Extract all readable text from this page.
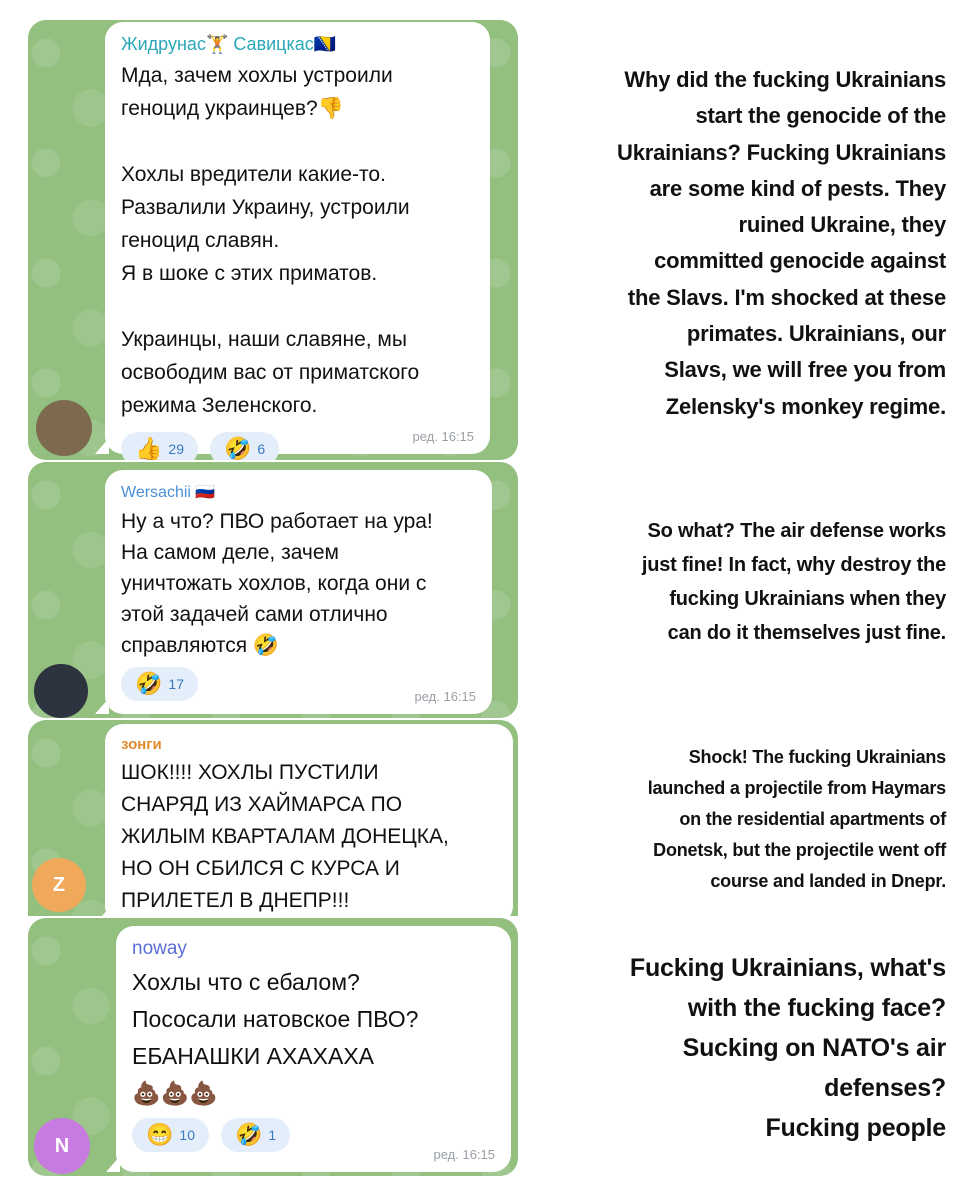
Жидрунас🏋 Савицкас🇧🇦
Мда, зачем хохлы устроили
геноцид украинцев?👎

Хохлы вредители какие-то.
Развалили Украину, устроили
геноцид славян.
Я в шоке с этих приматов.

Украинцы, наши славяне, мы
освободим вас от приматского
режима Зеленского.
👍 29 🤣 6
ред. 16:15
Wersachii 🇷🇺
Ну а что? ПВО работает на ура!
На самом деле, зачем
уничтожать хохлов, когда они с
этой задачей сами отлично
справляются 🤣
🤣 17
ред. 16:15
Z
зонги
ШОК!!!! ХОХЛЫ ПУСТИЛИ
СНАРЯД ИЗ ХАЙМАРСА ПО
ЖИЛЫМ КВАРТАЛАМ ДОНЕЦКА,
НО ОН СБИЛСЯ С КУРСА И
ПРИЛЕТЕЛ В ДНЕПР!!!
N
noway
Хохлы что с ебалом?
Пососали натовское ПВО?
ЕБАНАШКИ АХАХАХА
💩💩💩
😁 10 🤣 1
ред. 16:15
Why did the fucking Ukrainians
start the genocide of the
Ukrainians? Fucking Ukrainians
are some kind of pests. They
ruined Ukraine, they
committed genocide against
the Slavs. I'm shocked at these
primates. Ukrainians, our
Slavs, we will free you from
Zelensky's monkey regime.
So what? The air defense works
just fine! In fact, why destroy the
fucking Ukrainians when they
can do it themselves just fine.
Shock! The fucking Ukrainians
launched a projectile from Haymars
on the residential apartments of
Donetsk, but the projectile went off
course and landed in Dnepr.
Fucking Ukrainians, what's
with the fucking face?
Sucking on NATO's air
defenses?
Fucking people
